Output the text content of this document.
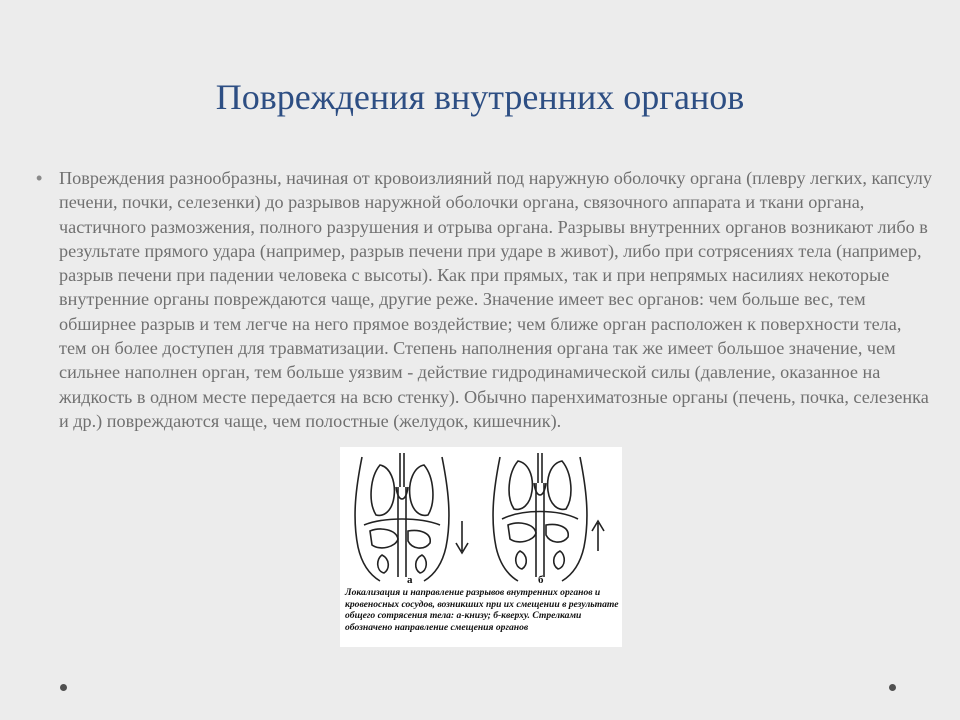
Повреждения внутренних органов
• Повреждения разнообразны, начиная от кровоизлияний под наружную оболочку органа (плевру легких, капсулу печени, почки, селезенки) до разрывов наружной оболочки органа, связочного аппарата и ткани органа, частичного размозжения, полного разрушения и отрыва органа. Разрывы внутренних органов возникают либо в результате прямого удара (например, разрыв печени при ударе в живот), либо при сотрясениях тела (например, разрыв печени при падении человека с высоты). Как при прямых, так и при непрямых насилиях некоторые внутренние органы повреждаются чаще, другие реже. Значение имеет вес органов: чем больше вес, тем обширнее разрыв и тем легче на него прямое воздействие; чем ближе орган расположен к поверхности тела, тем он более доступен для травматизации. Степень наполнения органа так же имеет большое значение, чем сильнее наполнен орган, тем больше уязвим - действие гидродинамической силы (давление, оказанное на жидкость в одном месте передается на всю стенку). Обычно паренхиматозные органы (печень, почка, селезенка и др.) повреждаются чаще, чем полостные (желудок, кишечник).
а	б
Локализация и направление разрывов внутренних органов и кровеносных сосудов, возникших при их смещении в результате общего сотрясения тела: а-книзу; б-кверху. Стрелками обозначено направление смещения органов
